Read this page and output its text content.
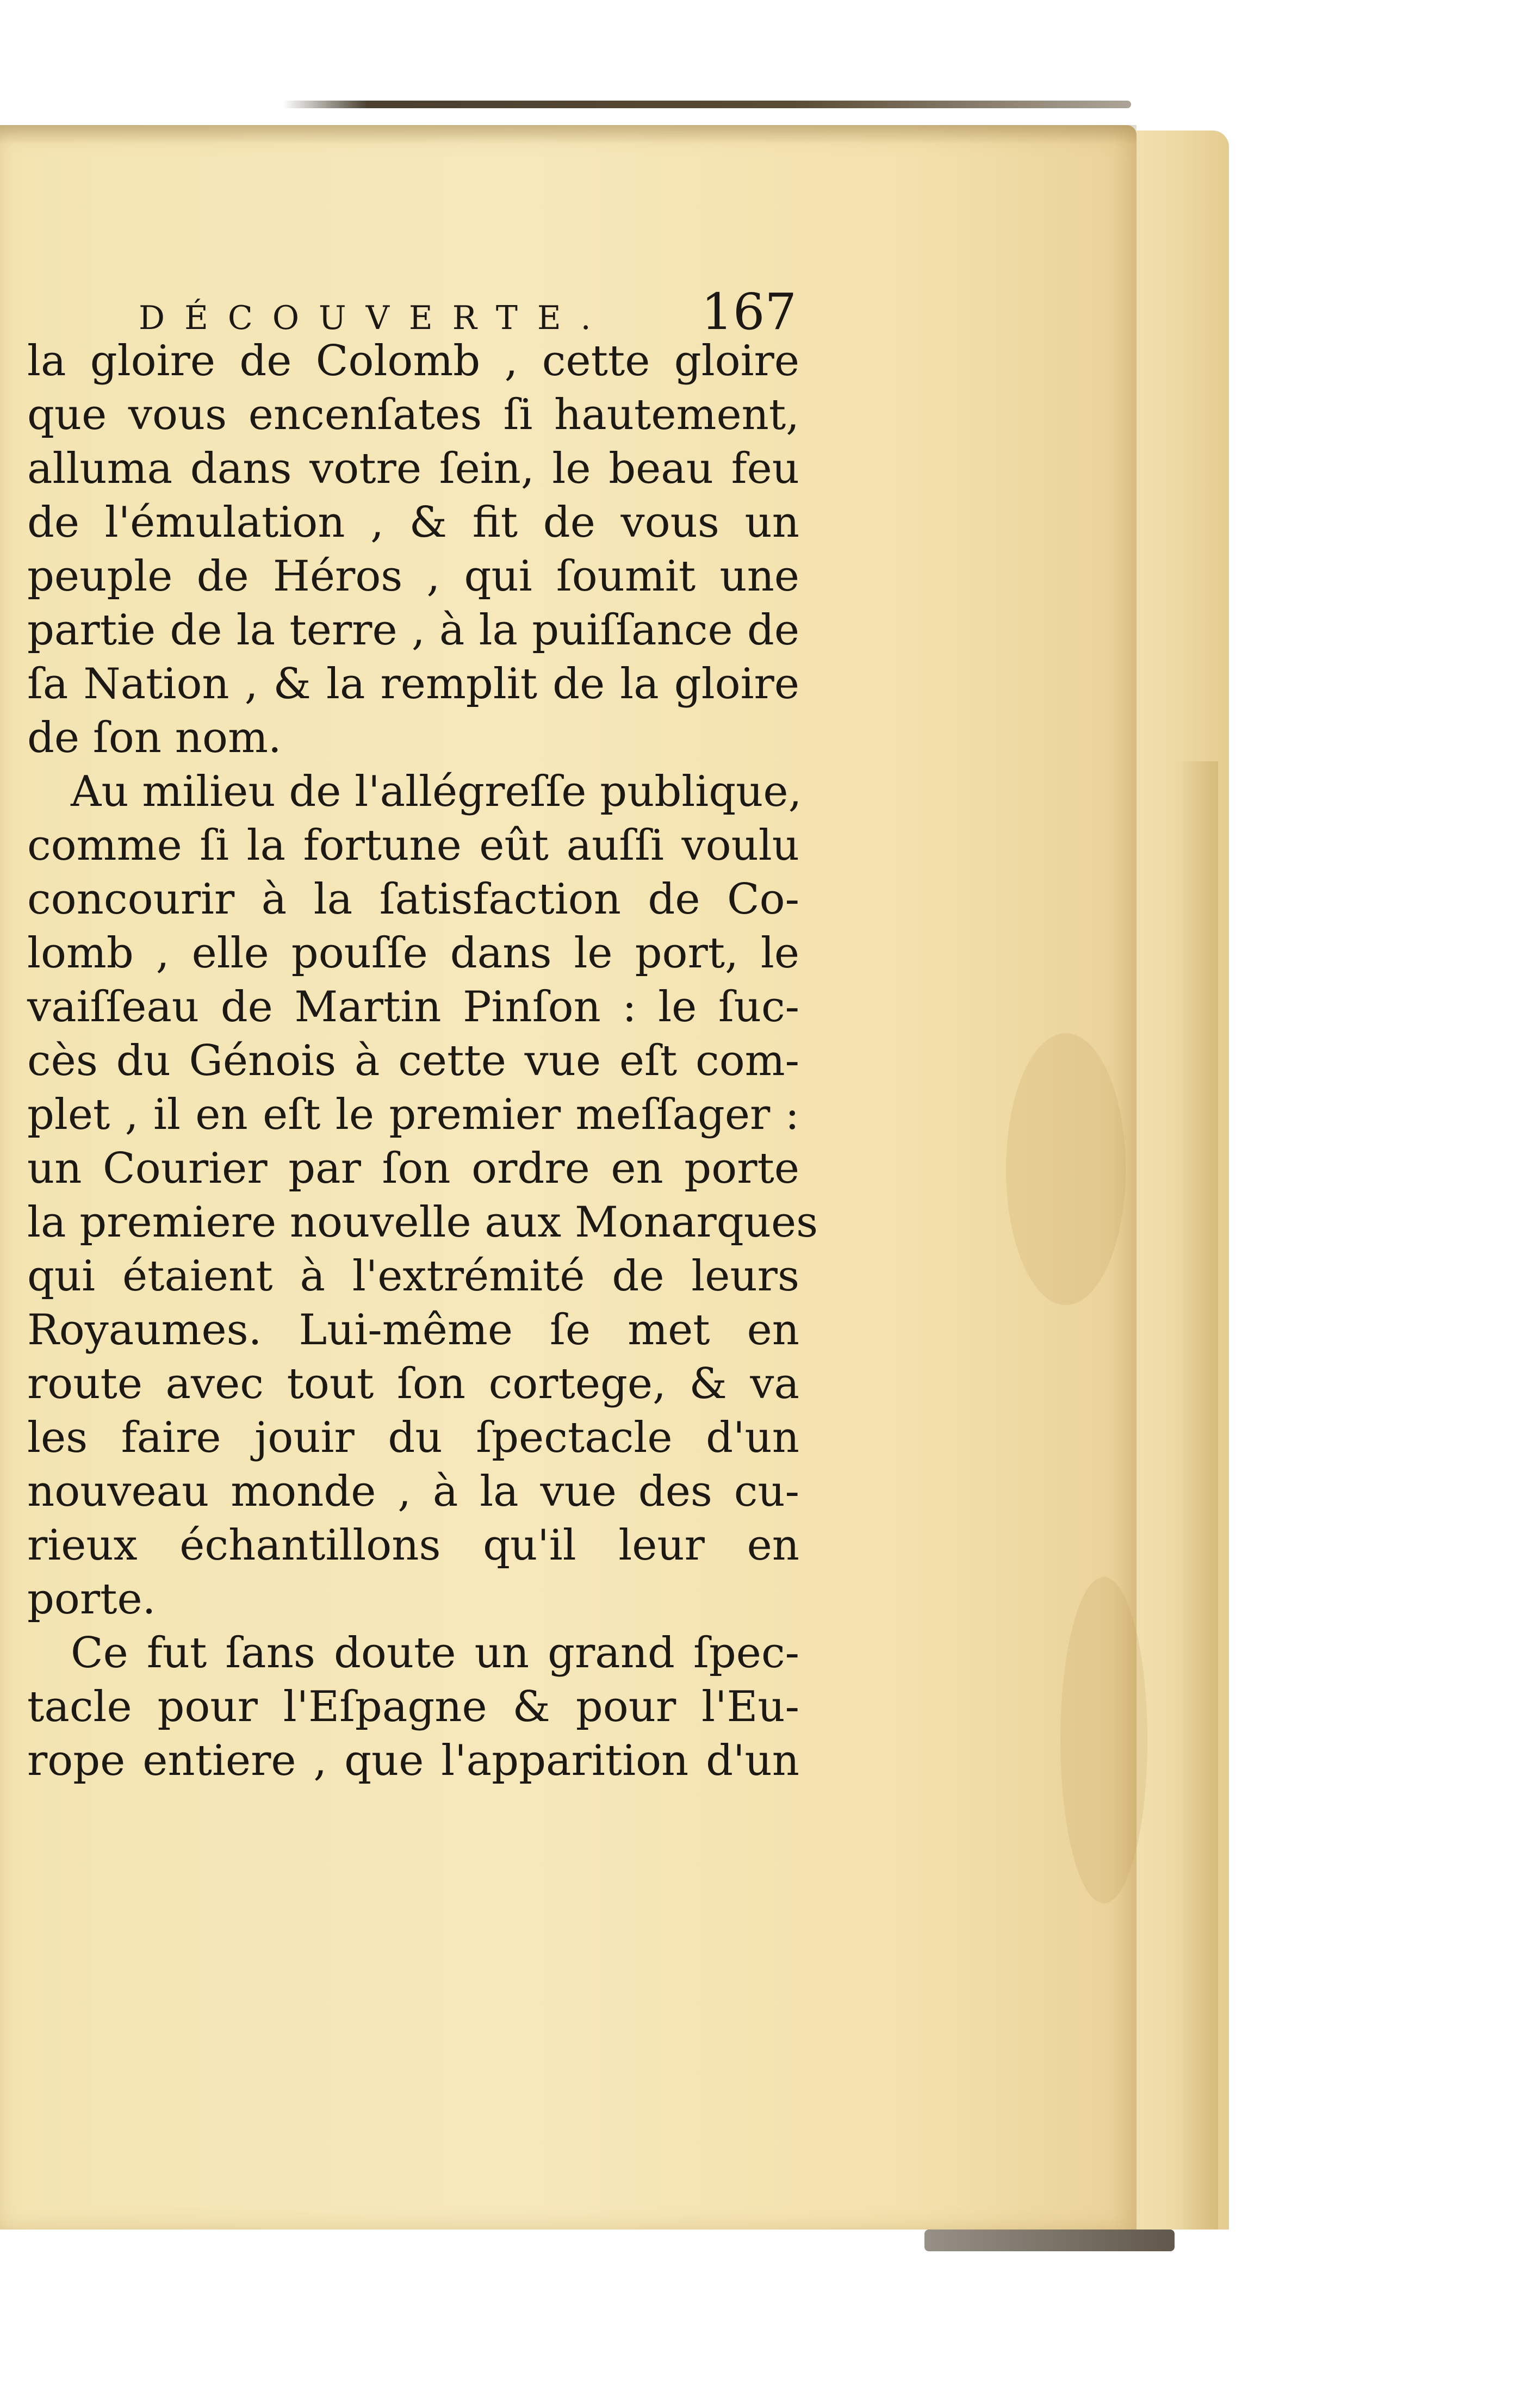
DÉCOUVERTE. 167
la gloire de Colomb , cette gloire
que vous encenſates ſi hautement,
alluma dans votre ſein, le beau feu
de l'émulation , & fit de vous un
peuple de Héros , qui ſoumit une
partie de la terre , à la puiſſance de
ſa Nation , & la remplit de la gloire
de ſon nom.
Au milieu de l'allégreſſe publique,
comme ſi la fortune eût auſſi voulu
concourir à la ſatisfaction de Co-
lomb , elle pouſſe dans le port, le
vaiſſeau de Martin Pinſon : le ſuc-
cès du Génois à cette vue eſt com-
plet , il en eſt le premier meſſager :
un Courier par ſon ordre en porte
la premiere nouvelle aux Monarques
qui étaient à l'extrémité de leurs
Royaumes. Lui-même ſe met en
route avec tout ſon cortege, & va
les faire jouir du ſpectacle d'un
nouveau monde , à la vue des cu-
rieux échantillons qu'il leur en
porte.
Ce fut ſans doute un grand ſpec-
tacle pour l'Eſpagne & pour l'Eu-
rope entiere , que l'apparition d'un
